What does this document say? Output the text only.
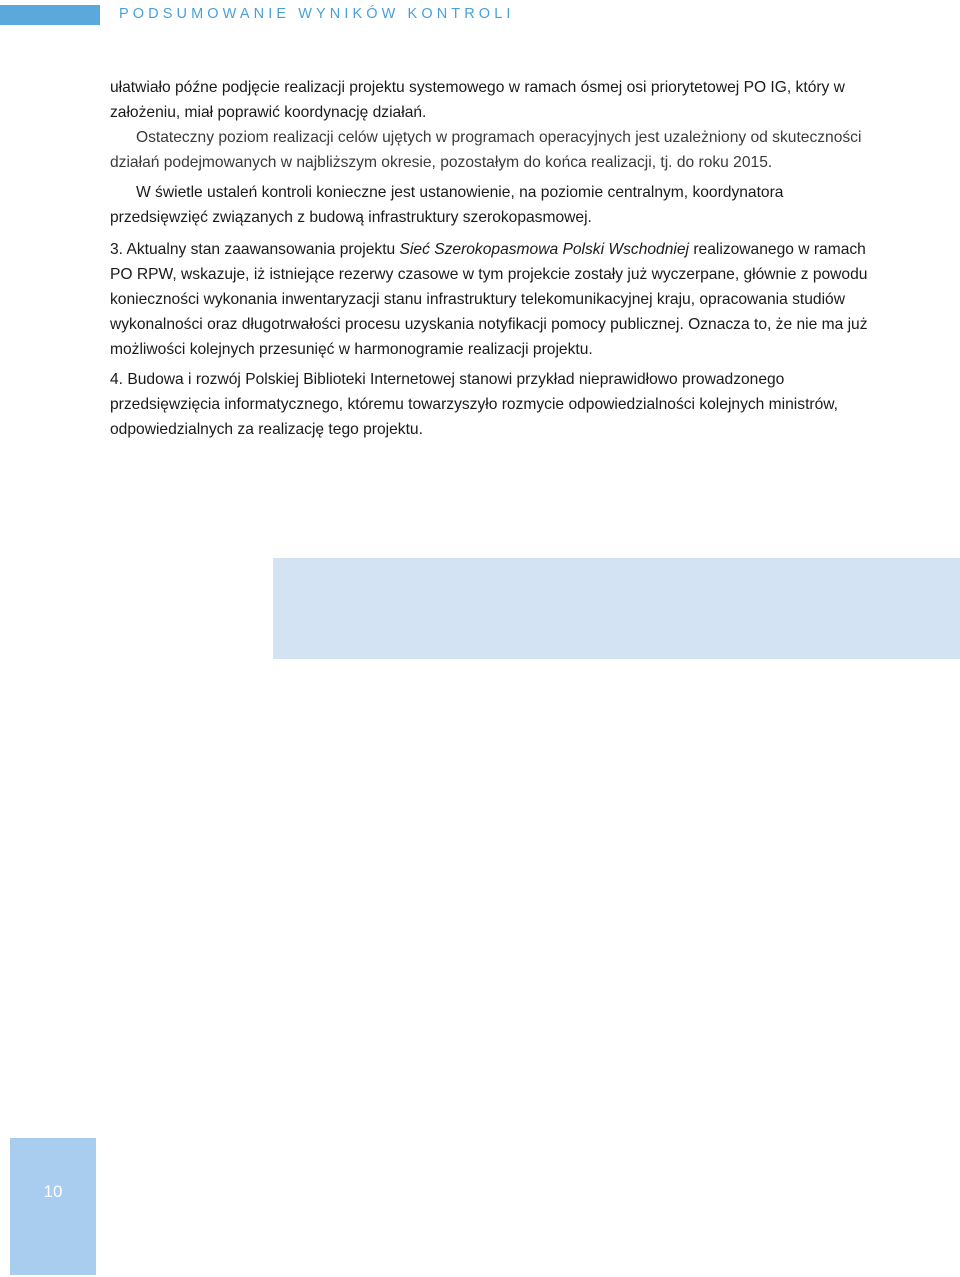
PODSUMOWANIE WYNIKÓW KONTROLI

ułatwiało późne podjęcie realizacji projektu systemowego w ramach ósmej osi priorytetowej PO IG, który w założeniu, miał poprawić koordynację działań.

Ostateczny poziom realizacji celów ujętych w programach operacyjnych jest uzależniony od skuteczności działań podejmowanych w najbliższym okresie, pozostałym do końca realizacji, tj. do roku 2015.

W świetle ustaleń kontroli konieczne jest ustanowienie, na poziomie centralnym, koordynatora przedsięwzięć związanych z budową infrastruktury szerokopasmowej.

3. Aktualny stan zaawansowania projektu Sieć Szerokopasmowa Polski Wschodniej realizowanego w ramach PO RPW, wskazuje, iż istniejące rezerwy czasowe w tym projekcie zostały już wyczerpane, głównie z powodu konieczności wykonania inwentaryzacji stanu infrastruktury telekomunikacyjnej kraju, opracowania studiów wykonalności oraz długotrwałości procesu uzyskania notyfikacji pomocy publicznej. Oznacza to, że nie ma już możliwości kolejnych przesunięć w harmonogramie realizacji projektu.

4. Budowa i rozwój Polskiej Biblioteki Internetowej stanowi przykład nieprawidłowo prowadzonego przedsięwzięcia informatycznego, któremu towarzyszyło rozmycie odpowiedzialności kolejnych ministrów, odpowiedzialnych za realizację tego projektu.

10
